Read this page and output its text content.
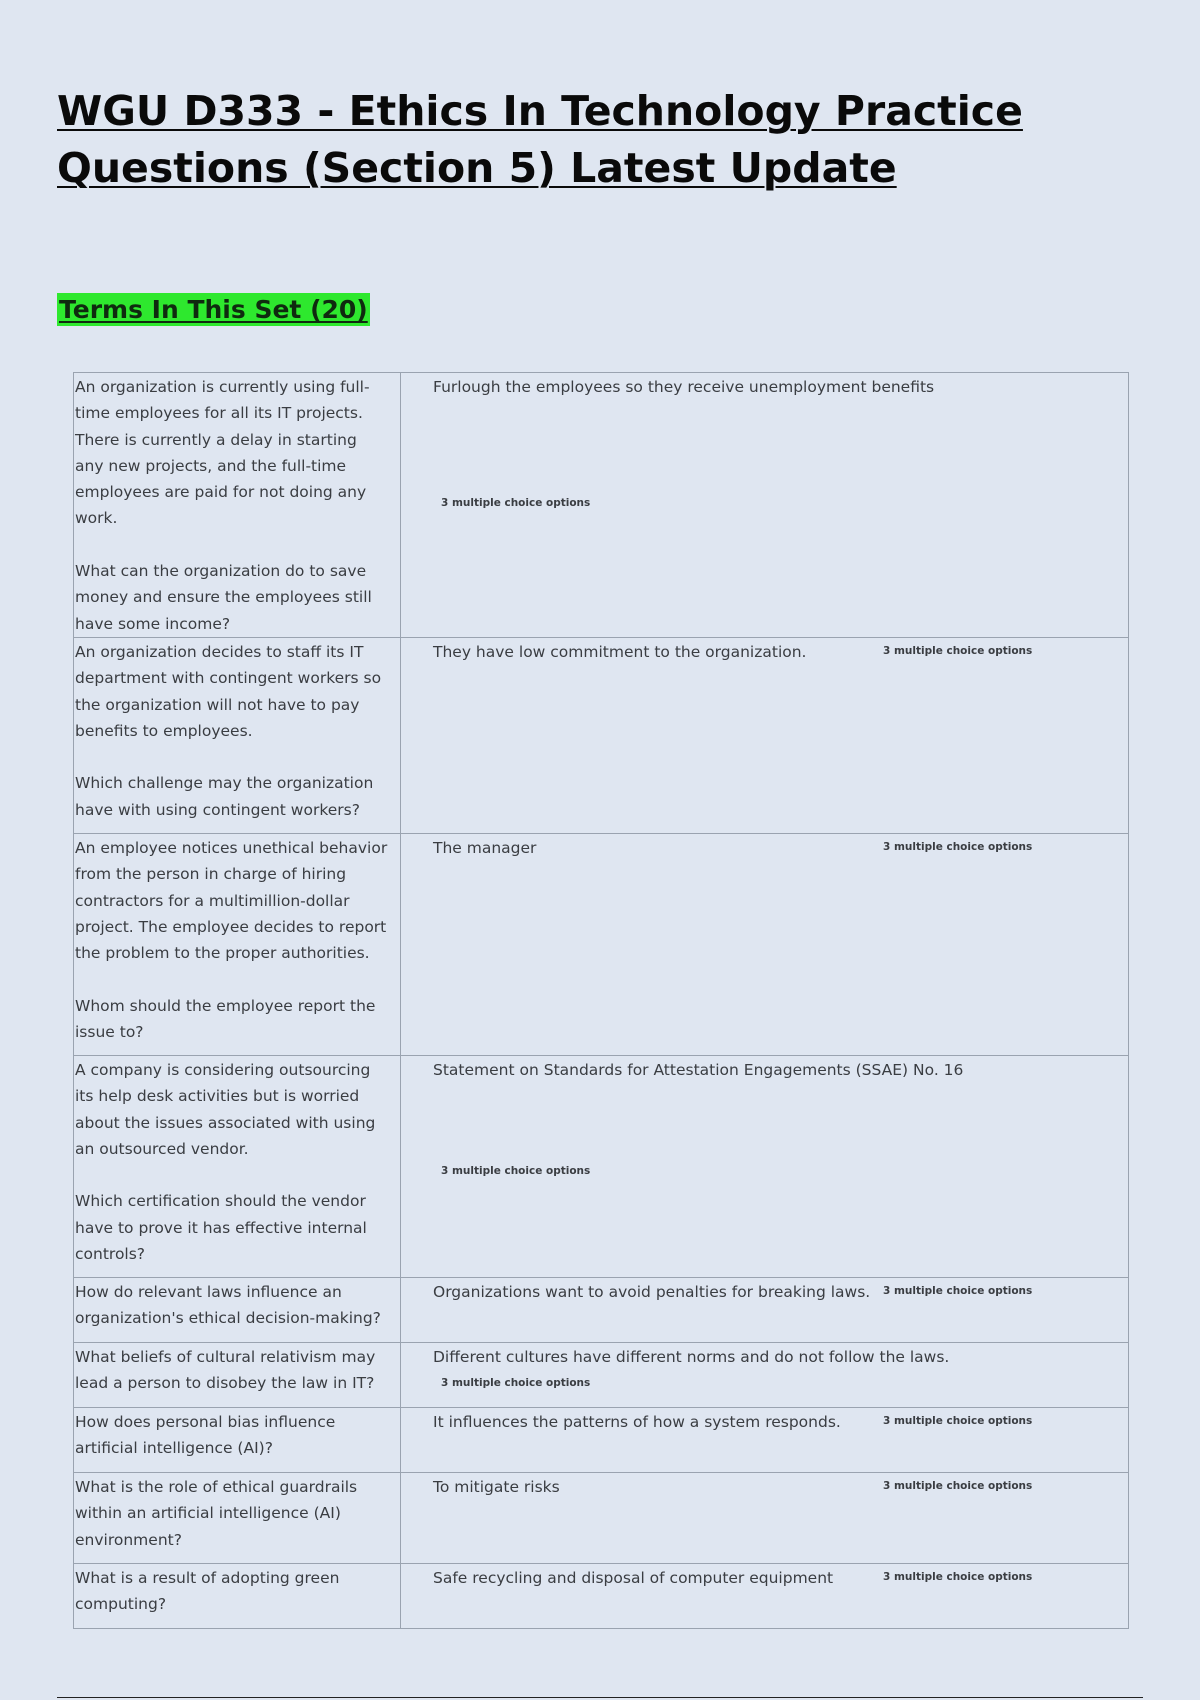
WGU D333 - Ethics In Technology Practice Questions (Section 5) Latest Update
Terms In This Set (20)
An organization is currently using full-time employees for all its IT projects. There is currently a delay in starting any new projects, and the full-time employees are paid for not doing any work.

What can the organization do to save money and ensure the employees still have some income?	Furlough the employees so they receive unemployment benefits
3 multiple choice options

An organization decides to staff its IT department with contingent workers so the organization will not have to pay benefits to employees.

Which challenge may the organization have with using contingent workers?	They have low commitment to the organization. 3 multiple choice options

An employee notices unethical behavior from the person in charge of hiring contractors for a multimillion-dollar project. The employee decides to report the problem to the proper authorities.

Whom should the employee report the issue to?	The manager 3 multiple choice options

A company is considering outsourcing its help desk activities but is worried about the issues associated with using an outsourced vendor.

Which certification should the vendor have to prove it has effective internal controls?	Statement on Standards for Attestation Engagements (SSAE) No. 16
3 multiple choice options

How do relevant laws influence an organization's ethical decision-making?	Organizations want to avoid penalties for breaking laws. 3 multiple choice options

What beliefs of cultural relativism may lead a person to disobey the law in IT?	Different cultures have different norms and do not follow the laws.
3 multiple choice options

How does personal bias influence artificial intelligence (AI)?	It influences the patterns of how a system responds. 3 multiple choice options

What is the role of ethical guardrails within an artificial intelligence (AI) environment?	To mitigate risks 3 multiple choice options

What is a result of adopting green computing?	Safe recycling and disposal of computer equipment 3 multiple choice options
